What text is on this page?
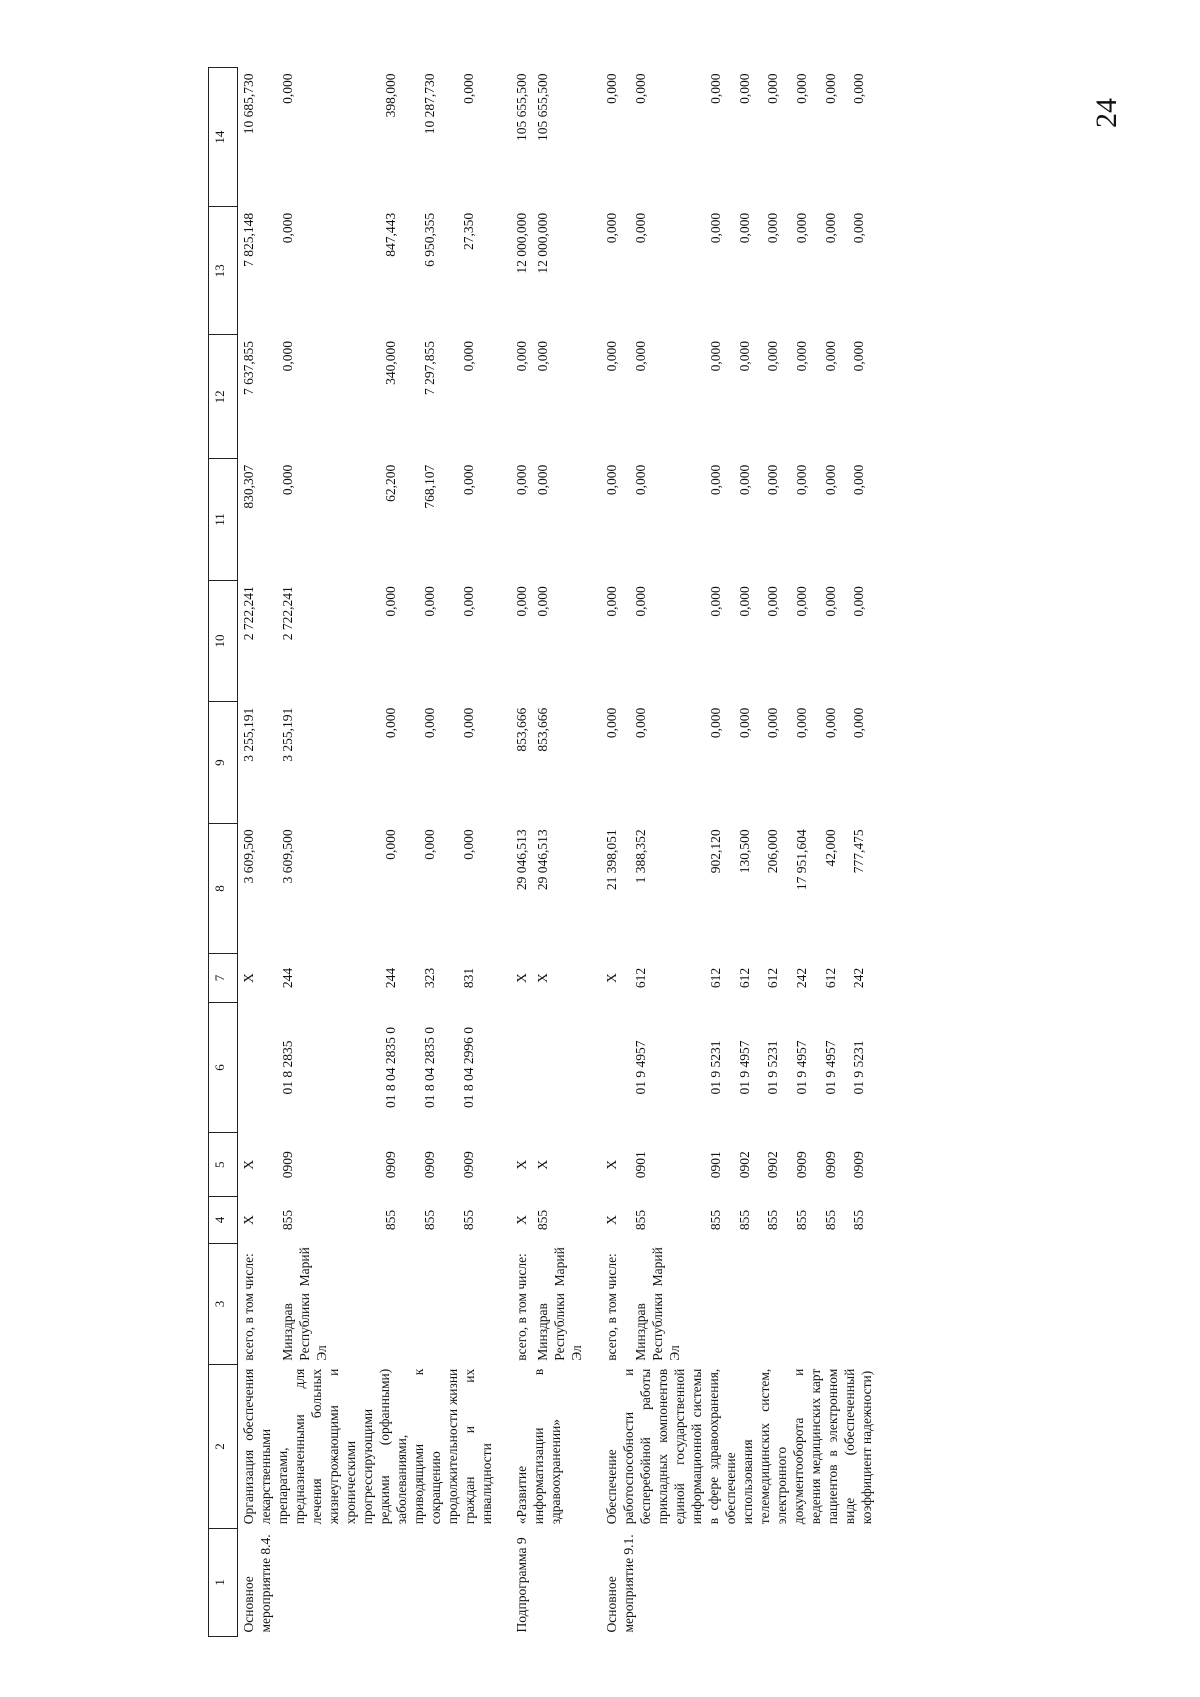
24
1	2	3	4	5	6	7	8	9	10	11	12	13	14
Основное мероприятие 8.4.	Организация обеспечения лекарственными препаратами, предназначенными для лечения больных жизнеугрожающими и хроническими прогрессирующими редкими (орфанными) заболеваниями, приводящими к сокращению продолжительности жизни граждан и их инвалидности	всего, в том числе:	X	X		X	3 609,500	3 255,191	2 722,241	830,307	7 637,855	7 825,148	10 685,730
		Минздрав Республики Марий Эл	855	0909	01 8 2835	244	3 609,500	3 255,191	2 722,241	0,000	0,000	0,000	0,000
			855	0909	01 8 04 2835 0	244	0,000	0,000	0,000	62,200	340,000	847,443	398,000
			855	0909	01 8 04 2835 0	323	0,000	0,000	0,000	768,107	7 297,855	6 950,355	10 287,730
			855	0909	01 8 04 2996 0	831	0,000	0,000	0,000	0,000	0,000	27,350	0,000

Подпрограмма 9	«Развитие информатизации в здравоохранении»	всего, в том числе:	X	X		X	29 046,513	853,666	0,000	0,000	0,000	12 000,000	105 655,500
		Минздрав Республики Марий Эл	855	X		X	29 046,513	853,666	0,000	0,000	0,000	12 000,000	105 655,500

Основное мероприятие 9.1.	Обеспечение работоспособности и бесперебойной работы прикладных компонентов единой государственной информационной системы в сфере здравоохранения, обеспечение использования телемедицинских систем, электронного документооборота и ведения медицинских карт пациентов в электронном виде (обеспеченный коэффициент надежности)	всего, в том числе:	X	X		X	21 398,051	0,000	0,000	0,000	0,000	0,000	0,000
		Минздрав Республики Марий Эл	855	0901	01 9 4957	612	1 388,352	0,000	0,000	0,000	0,000	0,000	0,000
			855	0901	01 9 5231	612	902,120	0,000	0,000	0,000	0,000	0,000	0,000
			855	0902	01 9 4957	612	130,500	0,000	0,000	0,000	0,000	0,000	0,000
			855	0902	01 9 5231	612	206,000	0,000	0,000	0,000	0,000	0,000	0,000
			855	0909	01 9 4957	242	17 951,604	0,000	0,000	0,000	0,000	0,000	0,000
			855	0909	01 9 4957	612	42,000	0,000	0,000	0,000	0,000	0,000	0,000
			855	0909	01 9 5231	242	777,475	0,000	0,000	0,000	0,000	0,000	0,000
